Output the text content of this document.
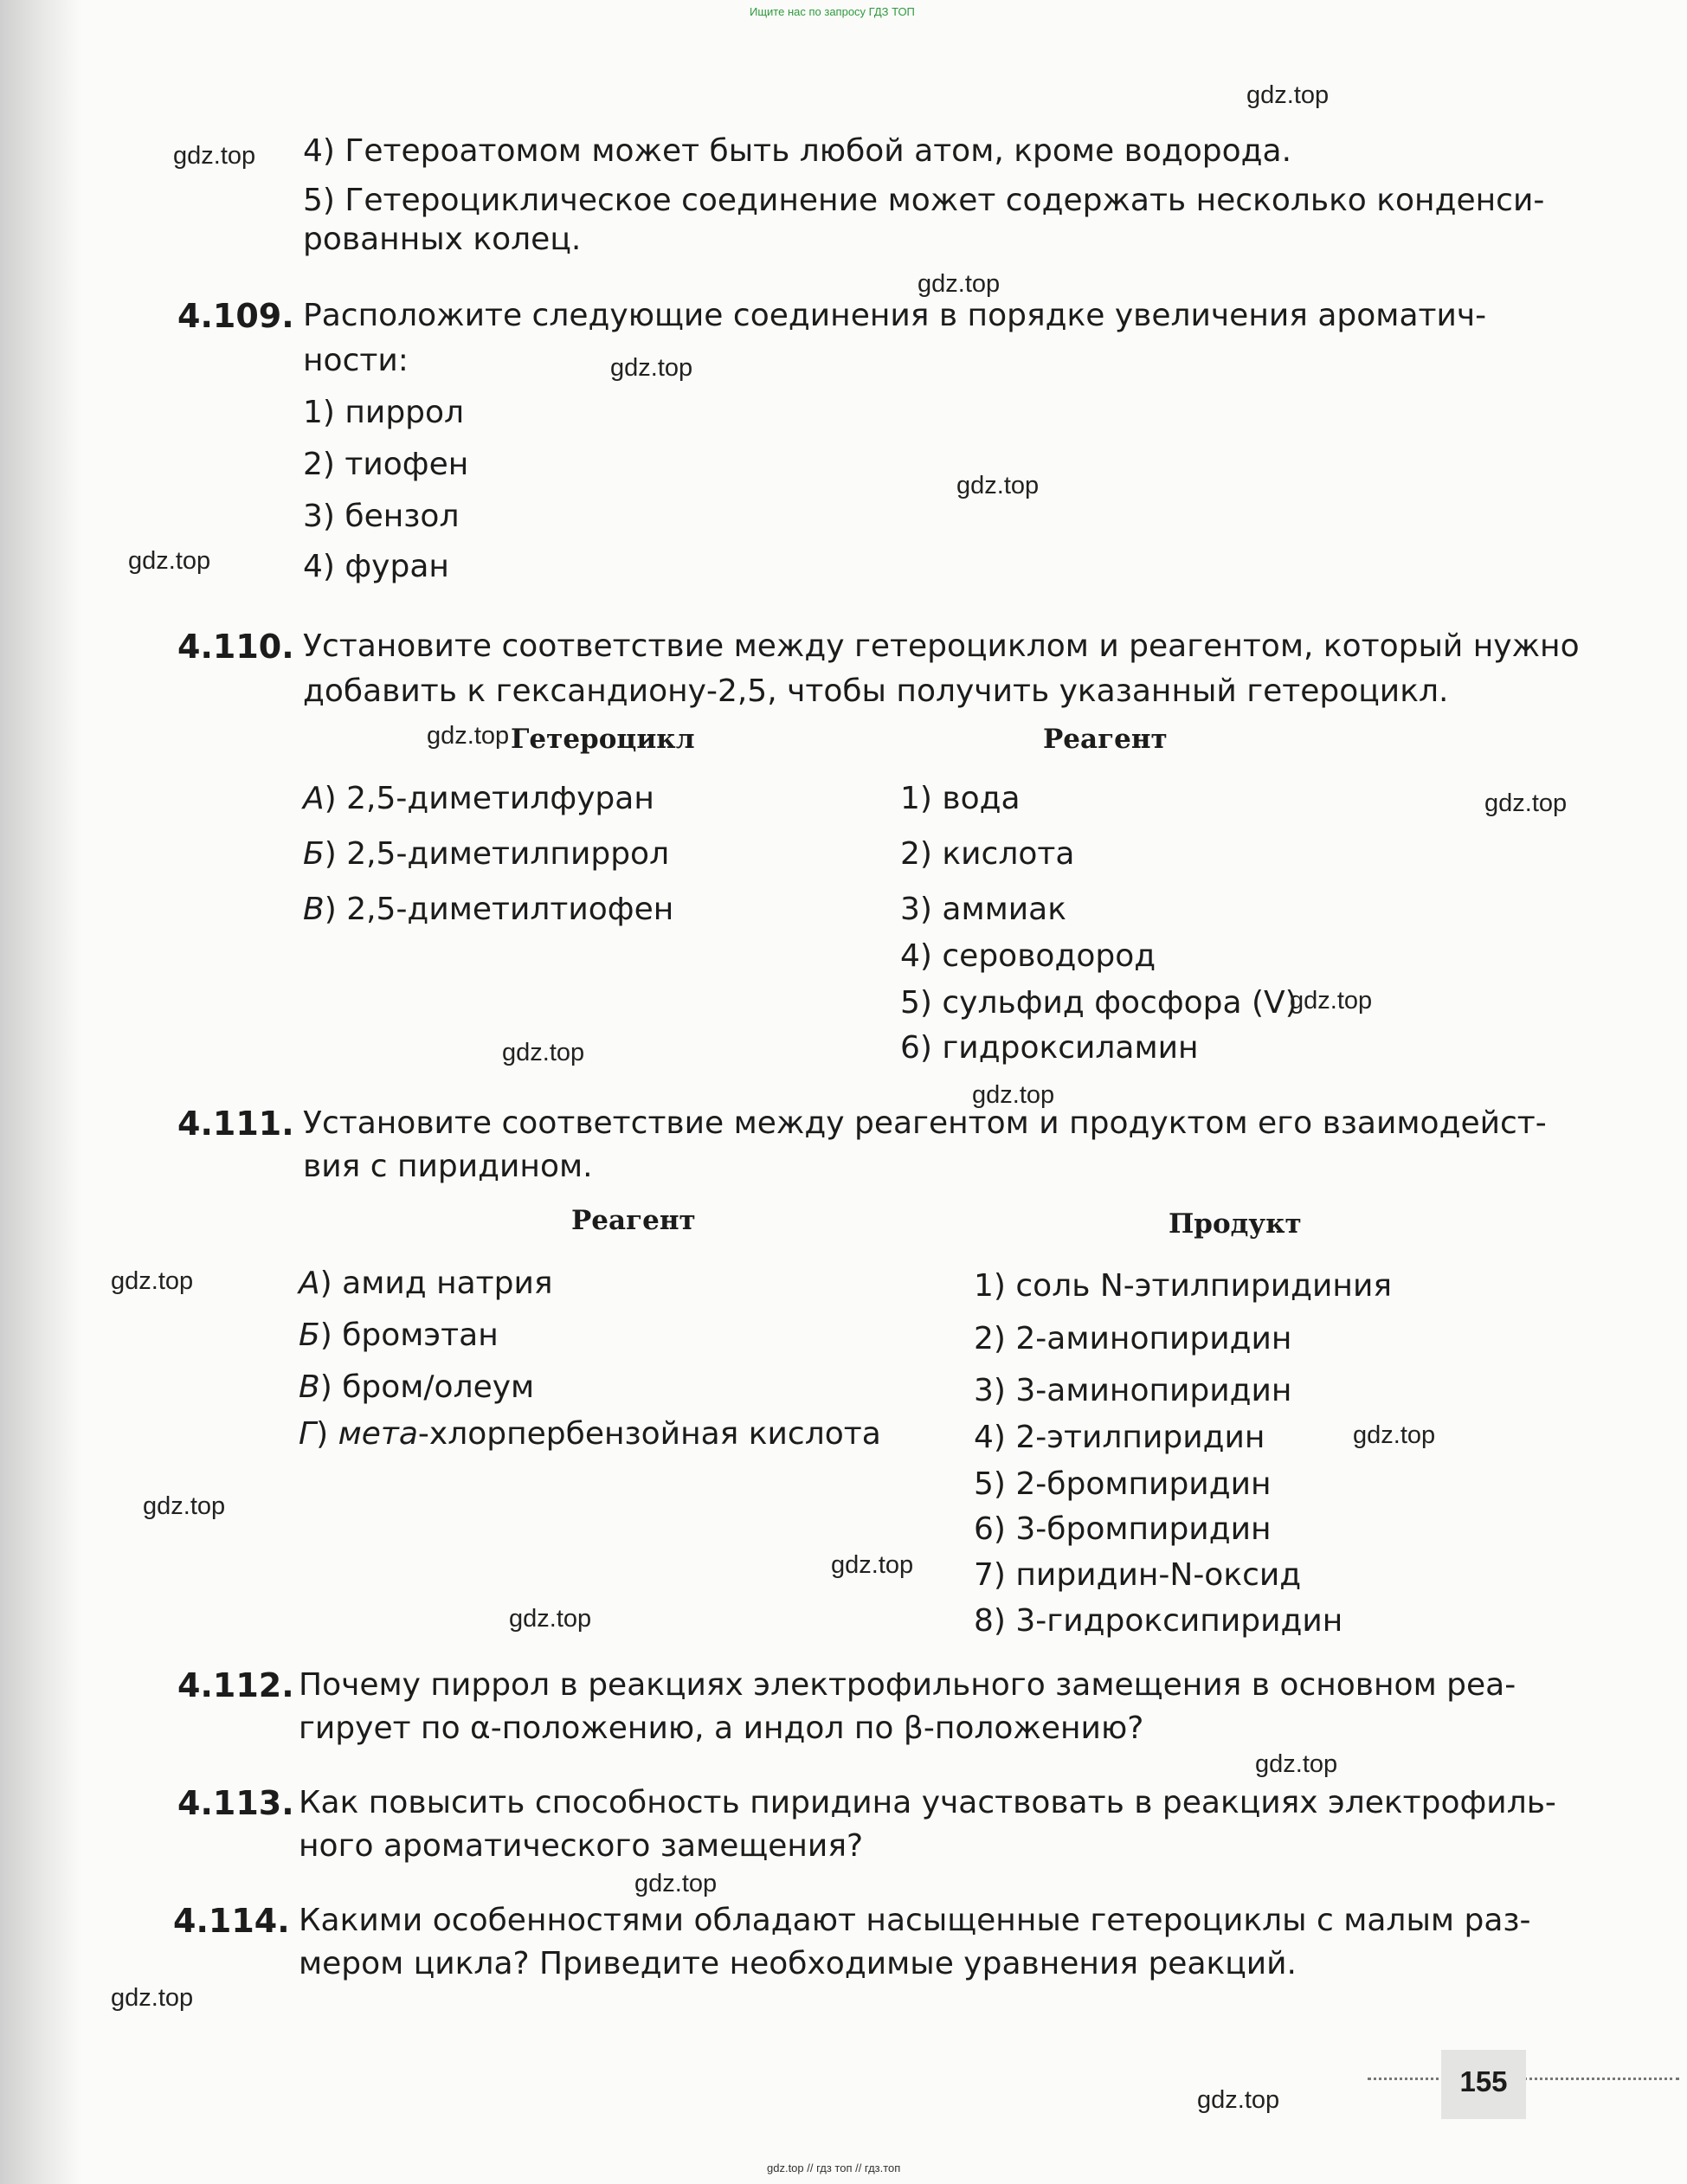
Ищите нас по запросу ГДЗ ТОП
4) Гетероатомом может быть любой атом, кроме водорода.
5) Гетероциклическое соединение может содержать несколько конденси-
рованных колец.
4.109. Расположите следующие соединения в порядке увеличения ароматич-
ности:
1) пиррол
2) тиофен
3) бензол
4) фуран
4.110. Установите соответствие между гетероциклом и реагентом, который нужно
добавить к гександиону-2,5, чтобы получить указанный гетероцикл.
Гетероцикл	Реагент
А) 2,5-диметилфуран
Б) 2,5-диметилпиррол
В) 2,5-диметилтиофен
1) вода
2) кислота
3) аммиак
4) сероводород
5) сульфид фосфора (V)
6) гидроксиламин
4.111. Установите соответствие между реагентом и продуктом его взаимодейст-
вия с пиридином.
Реагент	Продукт
А) амид натрия
Б) бромэтан
В) бром/олеум
Г) мета-хлорпербензойная кислота
1) соль N-этилпиридиния
2) 2-аминопиридин
3) 3-аминопиридин
4) 2-этилпиридин
5) 2-бромпиридин
6) 3-бромпиридин
7) пиридин-N-оксид
8) 3-гидроксипиридин
4.112. Почему пиррол в реакциях электрофильного замещения в основном реа-
гирует по α-положению, а индол по β-положению?
4.113. Как повысить способность пиридина участвовать в реакциях электрофиль-
ного ароматического замещения?
4.114. Какими особенностями обладают насыщенные гетероциклы с малым раз-
мером цикла? Приведите необходимые уравнения реакций.
gdz.top
gdz.top
gdz.top
gdz.top
gdz.top
gdz.top
gdz.top
gdz.top
gdz.top
gdz.top
gdz.top
gdz.top
gdz.top
gdz.top
gdz.top
gdz.top
gdz.top
gdz.top
gdz.top
gdz.top
155
gdz.top // гдз топ // гдз.топ
